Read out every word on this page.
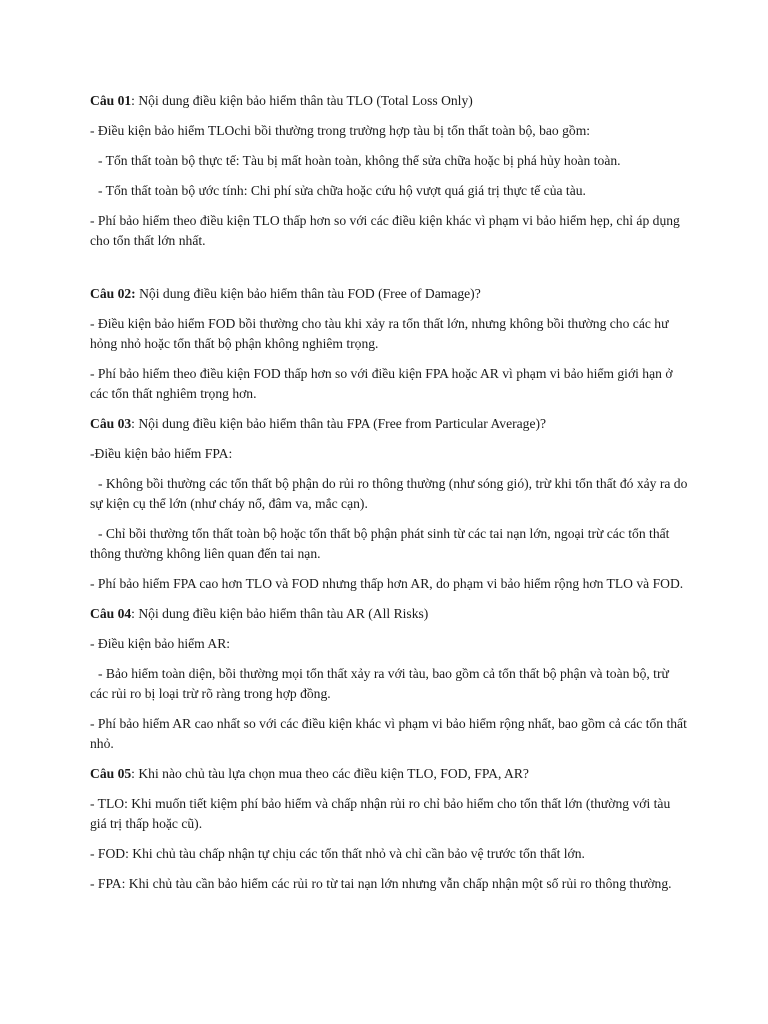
Câu 01: Nội dung điều kiện bảo hiểm thân tàu TLO (Total Loss Only)

- Điều kiện bảo hiểm TLOchi bồi thường trong trường hợp tàu bị tổn thất toàn bộ, bao gồm:

- Tổn thất toàn bộ thực tế: Tàu bị mất hoàn toàn, không thể sửa chữa hoặc bị phá hủy hoàn toàn.

- Tổn thất toàn bộ ước tính: Chi phí sửa chữa hoặc cứu hộ vượt quá giá trị thực tế của tàu.

- Phí bảo hiểm theo điều kiện TLO thấp hơn so với các điều kiện khác vì phạm vi bảo hiểm hẹp, chỉ áp dụng cho tổn thất lớn nhất.

Câu 02: Nội dung điều kiện bảo hiểm thân tàu FOD (Free of Damage)?

- Điều kiện bảo hiểm FOD bồi thường cho tàu khi xảy ra tổn thất lớn, nhưng không bồi thường cho các hư hỏng nhỏ hoặc tổn thất bộ phận không nghiêm trọng.

- Phí bảo hiểm theo điều kiện FOD thấp hơn so với điều kiện FPA hoặc AR vì phạm vi bảo hiểm giới hạn ở các tổn thất nghiêm trọng hơn.

Câu 03: Nội dung điều kiện bảo hiểm thân tàu FPA (Free from Particular Average)?

-Điều kiện bảo hiểm FPA:

- Không bồi thường các tổn thất bộ phận do rủi ro thông thường (như sóng gió), trừ khi tổn thất đó xảy ra do sự kiện cụ thể lớn (như cháy nổ, đâm va, mắc cạn).

- Chỉ bồi thường tổn thất toàn bộ hoặc tổn thất bộ phận phát sinh từ các tai nạn lớn, ngoại trừ các tổn thất thông thường không liên quan đến tai nạn.

- Phí bảo hiểm FPA cao hơn TLO và FOD nhưng thấp hơn AR, do phạm vi bảo hiểm rộng hơn TLO và FOD.

Câu 04: Nội dung điều kiện bảo hiểm thân tàu AR (All Risks)

- Điều kiện bảo hiểm AR:

- Bảo hiểm toàn diện, bồi thường mọi tổn thất xảy ra với tàu, bao gồm cả tổn thất bộ phận và toàn bộ, trừ các rủi ro bị loại trừ rõ ràng trong hợp đồng.

- Phí bảo hiểm AR cao nhất so với các điều kiện khác vì phạm vi bảo hiểm rộng nhất, bao gồm cả các tổn thất nhỏ.

Câu 05: Khi nào chủ tàu lựa chọn mua theo các điều kiện TLO, FOD, FPA, AR?

- TLO: Khi muốn tiết kiệm phí bảo hiểm và chấp nhận rủi ro chỉ bảo hiểm cho tổn thất lớn (thường với tàu giá trị thấp hoặc cũ).

- FOD: Khi chủ tàu chấp nhận tự chịu các tổn thất nhỏ và chỉ cần bảo vệ trước tổn thất lớn.

- FPA: Khi chủ tàu cần bảo hiểm các rủi ro từ tai nạn lớn nhưng vẫn chấp nhận một số rủi ro thông thường.
